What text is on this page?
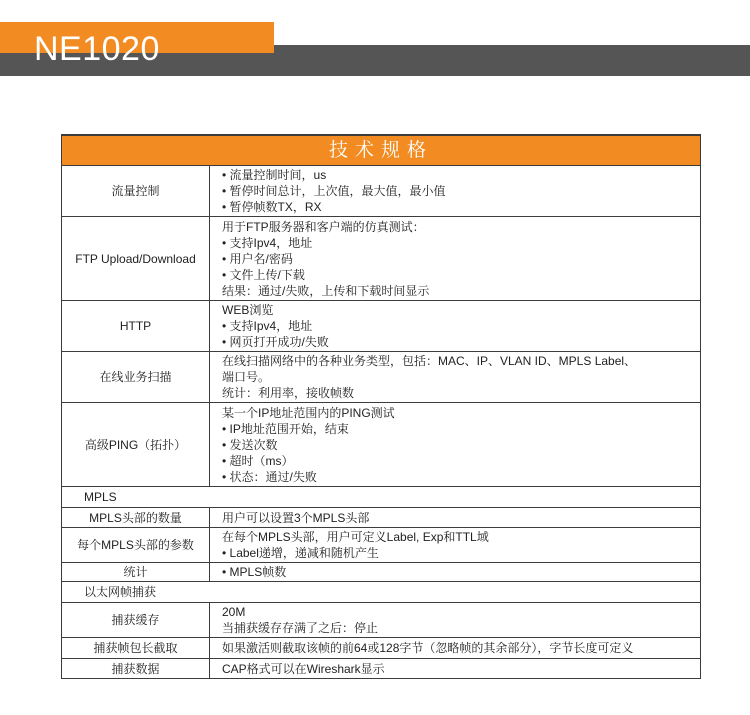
NE1020
技术规格	
流量控制	• 流量控制时间，us
• 暂停时间总计，上次值，最大值，最小值
• 暂停帧数TX，RX

FTP Upload/Download	用于FTP服务器和客户端的仿真测试：
• 支持Ipv4，地址
• 用户名/密码
• 文件上传/下载
结果：通过/失败，上传和下载时间显示

HTTP	WEB浏览
• 支持Ipv4，地址
• 网页打开成功/失败

在线业务扫描	在线扫描网络中的各种业务类型，包括：MAC、IP、VLAN ID、MPLS Label、
端口号。
统计：利用率，接收帧数

高级PING（拓扑）	某一个IP地址范围内的PING测试
• IP地址范围开始，结束
• 发送次数
• 超时（ms）
• 状态：通过/失败

MPLS	
MPLS头部的数量	用户可以设置3个MPLS头部

每个MPLS头部的参数	在每个MPLS头部，用户可定义Label, Exp和TTL域
• Label递增，递减和随机产生

统计	• MPLS帧数

以太网帧捕获	
捕获缓存	20M
当捕获缓存存满了之后：停止

捕获帧包长截取	如果激活则截取该帧的前64或128字节（忽略帧的其余部分），字节长度可定义

捕获数据	CAP格式可以在Wireshark显示
